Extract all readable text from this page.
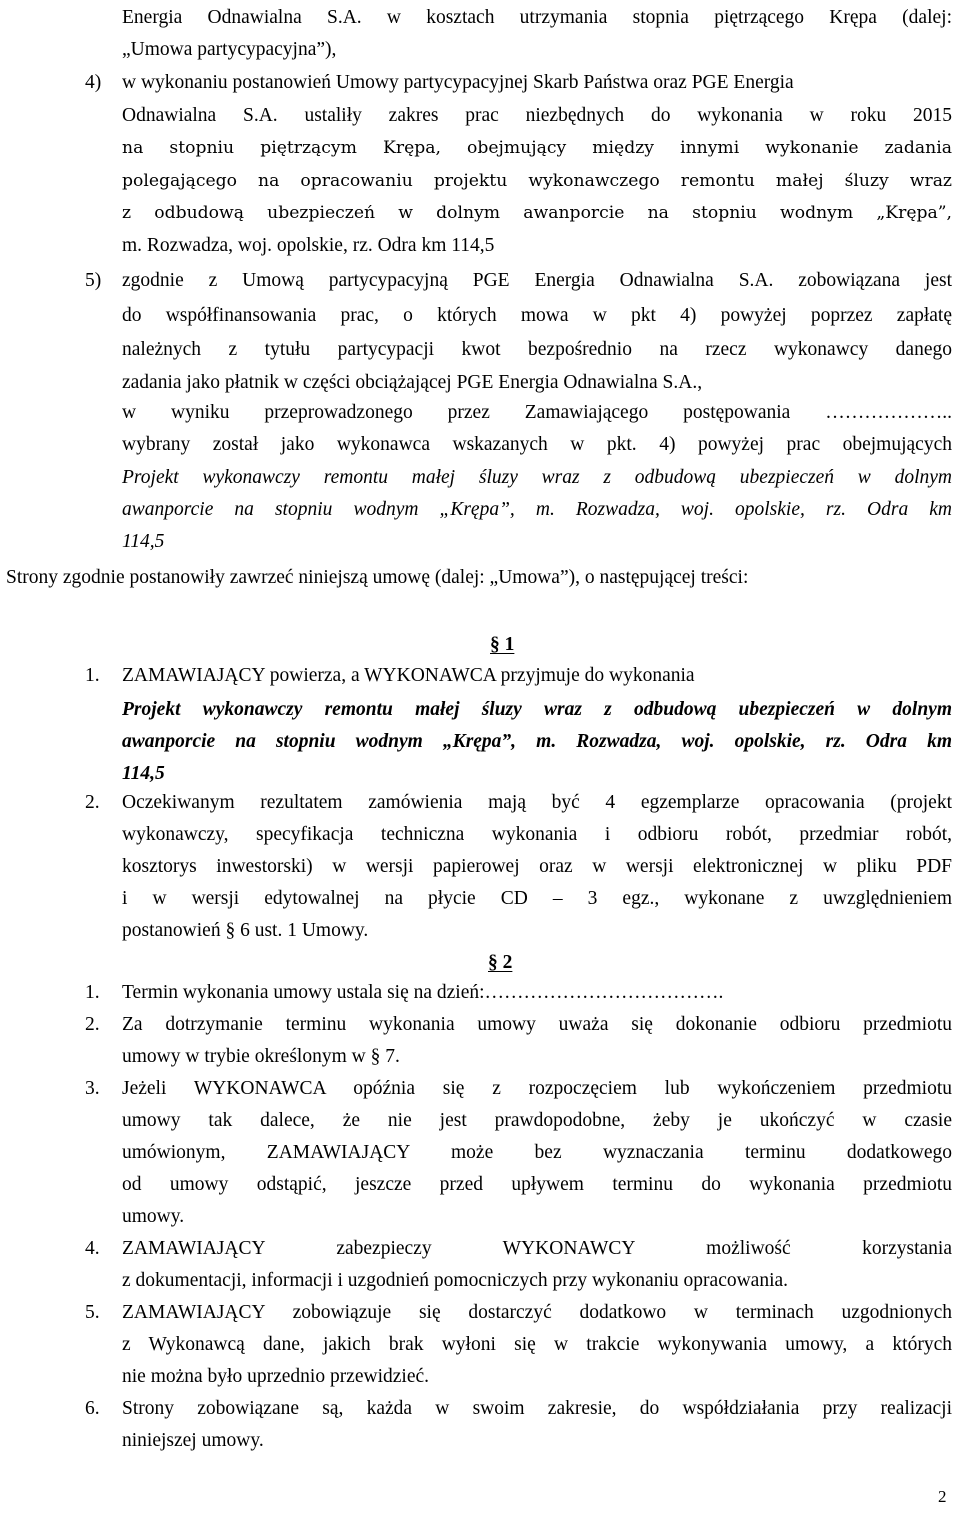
Energia Odnawialna S.A. w kosztach utrzymania stopnia piętrzącego Krępa (dalej:
„Umowa partycypacyjna”),
4) w wykonaniu postanowień Umowy partycypacyjnej Skarb Państwa oraz PGE Energia
Odnawialna S.A. ustaliły zakres prac niezbędnych do wykonania w roku 2015
na stopniu piętrzącym Krępa, obejmujący między innymi wykonanie zadania
polegającego na opracowaniu projektu wykonawczego remontu małej śluzy wraz
z odbudową ubezpieczeń w dolnym awanporcie na stopniu wodnym „Krępa”,
m. Rozwadza, woj. opolskie, rz. Odra km 114,5
5) zgodnie z Umową partycypacyjną PGE Energia Odnawialna S.A. zobowiązana jest
do współfinansowania prac, o których mowa w pkt 4) powyżej poprzez zapłatę
należnych z tytułu partycypacji kwot bezpośrednio na rzecz wykonawcy danego
zadania jako płatnik w części obciążającej PGE Energia Odnawialna S.A.,
w wyniku przeprowadzonego przez Zamawiającego postępowania ………………..
wybrany został jako wykonawca wskazanych w pkt. 4) powyżej prac obejmujących
Projekt wykonawczy remontu małej śluzy wraz z odbudową ubezpieczeń w dolnym
awanporcie na stopniu wodnym „Krępa”, m. Rozwadza, woj. opolskie, rz. Odra km
114,5
Strony zgodnie postanowiły zawrzeć niniejszą umowę (dalej: „Umowa”), o następującej treści:
§ 1
1. ZAMAWIAJĄCY powierza, a WYKONAWCA przyjmuje do wykonania
Projekt wykonawczy remontu małej śluzy wraz z odbudową ubezpieczeń w dolnym
awanporcie na stopniu wodnym „Krępa”, m. Rozwadza, woj. opolskie, rz. Odra km
114,5
2. Oczekiwanym rezultatem zamówienia mają być 4 egzemplarze opracowania (projekt
wykonawczy, specyfikacja techniczna wykonania i odbioru robót, przedmiar robót,
kosztorys inwestorski) w wersji papierowej oraz w wersji elektronicznej w pliku PDF
i w wersji edytowalnej na płycie CD – 3 egz., wykonane z uwzględnieniem
postanowień § 6 ust. 1 Umowy.
§ 2
1. Termin wykonania umowy ustala się na dzień:……………………………….
2. Za dotrzymanie terminu wykonania umowy uważa się dokonanie odbioru przedmiotu
umowy w trybie określonym w § 7.
3. Jeżeli WYKONAWCA opóźnia się z rozpoczęciem lub wykończeniem przedmiotu
umowy tak dalece, że nie jest prawdopodobne, żeby je ukończyć w czasie
umówionym, ZAMAWIAJĄCY może bez wyznaczania terminu dodatkowego
od umowy odstąpić, jeszcze przed upływem terminu do wykonania przedmiotu
umowy.
4. ZAMAWIAJĄCY zabezpieczy WYKONAWCY możliwość korzystania
z dokumentacji, informacji i uzgodnień pomocniczych przy wykonaniu opracowania.
5. ZAMAWIAJĄCY zobowiązuje się dostarczyć dodatkowo w terminach uzgodnionych
z Wykonawcą dane, jakich brak wyłoni się w trakcie wykonywania umowy, a których
nie można było uprzednio przewidzieć.
6. Strony zobowiązane są, każda w swoim zakresie, do współdziałania przy realizacji
niniejszej umowy.
2
